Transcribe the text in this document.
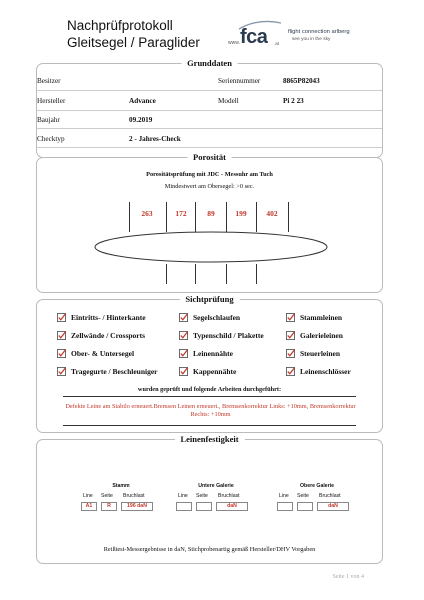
Nachprüfprotokoll
Gleitsegel / Paraglider	www. fca .at
flight connection arlberg
see you in the sky
Grunddaten
Besitzer	Seriennummer	8865P82043
Hersteller	Advance	Modell	Pi 2 23
Baujahr	09.2019
Checktyp	2 - Jahres-Check
Porosität
Porositätsprüfung mit JDC - Messuhr am Tuch
Mindestwert am Obersegel: >0 sec.
263	172	89	199	402
Sichtprüfung
Eintritts- / Hinterkante	Segelschlaufen	Stammleinen
Zellwände / Crossports	Typenschild / Plakette	Galerieleinen
Ober- & Untersegel	Leinennähte	Steuerleinen
Tragegurte / Beschleuniger	Kappennähte	Leinenschlösser
wurden geprüft und folgende Arbeiten durchgeführt:
Defekte Leine am Stabilo erneuert.Bremsen Leinen erneuert., Bremsenkorrektur Links: +10mm, Bremsenkorrektur Rechts: +10mm
Leinenfestigkeit
Stamm
Line Seite Bruchlast
A1	R	196 daN
Untere Galerie
Line Seite Bruchlast
daN
Obere Galerie
Line Seite Bruchlast
daN
Reißtest-Messergebnisse in daN, Stichprobenartig gemäß Hersteller/DHV Vorgaben
Seite 1 von 4
